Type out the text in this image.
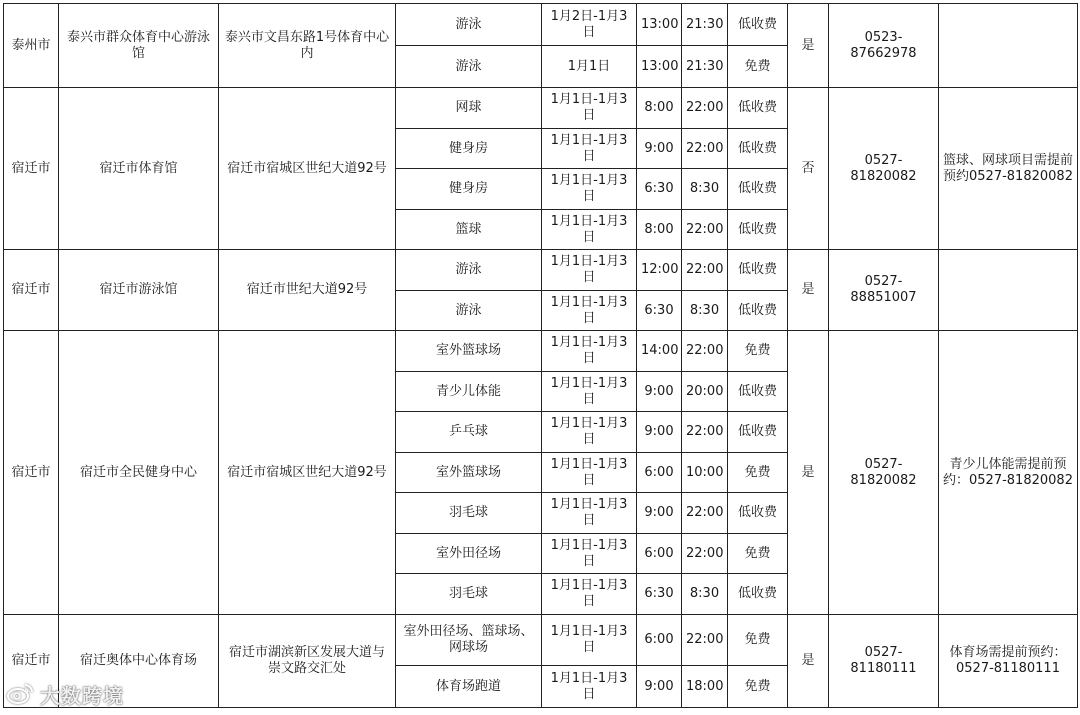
泰州市	泰兴市群众体育中心游泳馆	泰兴市文昌东路1号体育中心内	游泳	1月2日-1月3日	13:00	21:30	低收费	是	0523-87662978	
			游泳	1月1日	13:00	21:30	免费			
宿迁市	宿迁市体育馆	宿迁市宿城区世纪大道92号	网球	1月1日-1月3日	8:00	22:00	低收费	否	0527-81820082	篮球、网球项目需提前预约0527-81820082
			健身房	1月1日-1月3日	9:00	22:00	低收费			
			健身房	1月1日-1月3日	6:30	8:30	低收费			
			篮球	1月1日-1月3日	8:00	22:00	低收费			
宿迁市	宿迁市游泳馆	宿迁市世纪大道92号	游泳	1月1日-1月3日	12:00	22:00	低收费	是	0527-88851007	
			游泳	1月1日-1月3日	6:30	8:30	低收费			
宿迁市	宿迁市全民健身中心	宿迁市宿城区世纪大道92号	室外篮球场	1月1日-1月3日	14:00	22:00	免费	是	0527-81820082	青少儿体能需提前预约：0527-81820082
			青少儿体能	1月1日-1月3日	9:00	20:00	低收费			
			乒乓球	1月1日-1月3日	9:00	22:00	低收费			
			室外篮球场	1月1日-1月3日	6:00	10:00	免费			
			羽毛球	1月1日-1月3日	9:00	22:00	低收费			
			室外田径场	1月1日-1月3日	6:00	22:00	免费			
			羽毛球	1月1日-1月3日	6:30	8:30	低收费			
宿迁市	宿迁奥体中心体育场	宿迁市湖滨新区发展大道与崇文路交汇处	室外田径场、篮球场、网球场	1月1日-1月3日	6:00	22:00	免费	是	0527-81180111	体育场需提前预约：0527-81180111
			体育场跑道	1月1日-1月3日	9:00	18:00	免费			
大数跨境
